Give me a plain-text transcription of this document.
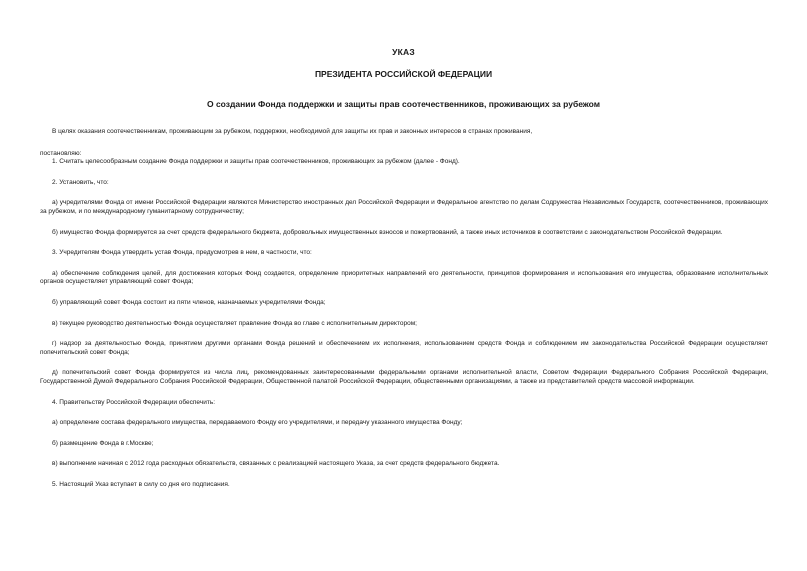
УКАЗ
ПРЕЗИДЕНТА РОССИЙСКОЙ ФЕДЕРАЦИИ
О создании Фонда поддержки и защиты прав соотечественников, проживающих за рубежом

В целях оказания соотечественникам, проживающим за рубежом, поддержки, необходимой для защиты их прав и законных интересов в странах проживания,

постановляю:

1. Считать целесообразным создание Фонда поддержки и защиты прав соотечественников, проживающих за рубежом (далее - Фонд).

2. Установить, что:

а) учредителями Фонда от имени Российской Федерации являются Министерство иностранных дел Российской Федерации и Федеральное агентство по делам Содружества Независимых Государств, соотечественников, проживающих за рубежом, и по международному гуманитарному сотрудничеству;

б) имущество Фонда формируется за счет средств федерального бюджета, добровольных имущественных взносов и пожертвований, а также иных источников в соответствии с законодательством Российской Федерации.

3. Учредителям Фонда утвердить устав Фонда, предусмотрев в нем, в частности, что:

а) обеспечение соблюдения целей, для достижения которых Фонд создается, определение приоритетных направлений его деятельности, принципов формирования и использования его имущества, образование исполнительных органов осуществляет управляющий совет Фонда;

б) управляющий совет Фонда состоит из пяти членов, назначаемых учредителями Фонда;

в) текущее руководство деятельностью Фонда осуществляет правление Фонда во главе с исполнительным директором;

г) надзор за деятельностью Фонда, принятием другими органами Фонда решений и обеспечением их исполнения, использованием средств Фонда и соблюдением им законодательства Российской Федерации осуществляет попечительский совет Фонда;

д) попечительский совет Фонда формируется из числа лиц, рекомендованных заинтересованными федеральными органами исполнительной власти, Советом Федерации Федерального Собрания Российской Федерации, Государственной Думой Федерального Собрания Российской Федерации, Общественной палатой Российской Федерации, общественными организациями, а также из представителей средств массовой информации.

4. Правительству Российской Федерации обеспечить:

а) определение состава федерального имущества, передаваемого Фонду его учредителями, и передачу указанного имущества Фонду;

б) размещение Фонда в г.Москве;

в) выполнение начиная с 2012 года расходных обязательств, связанных с реализацией настоящего Указа, за счет средств федерального бюджета.

5. Настоящий Указ вступает в силу со дня его подписания.
